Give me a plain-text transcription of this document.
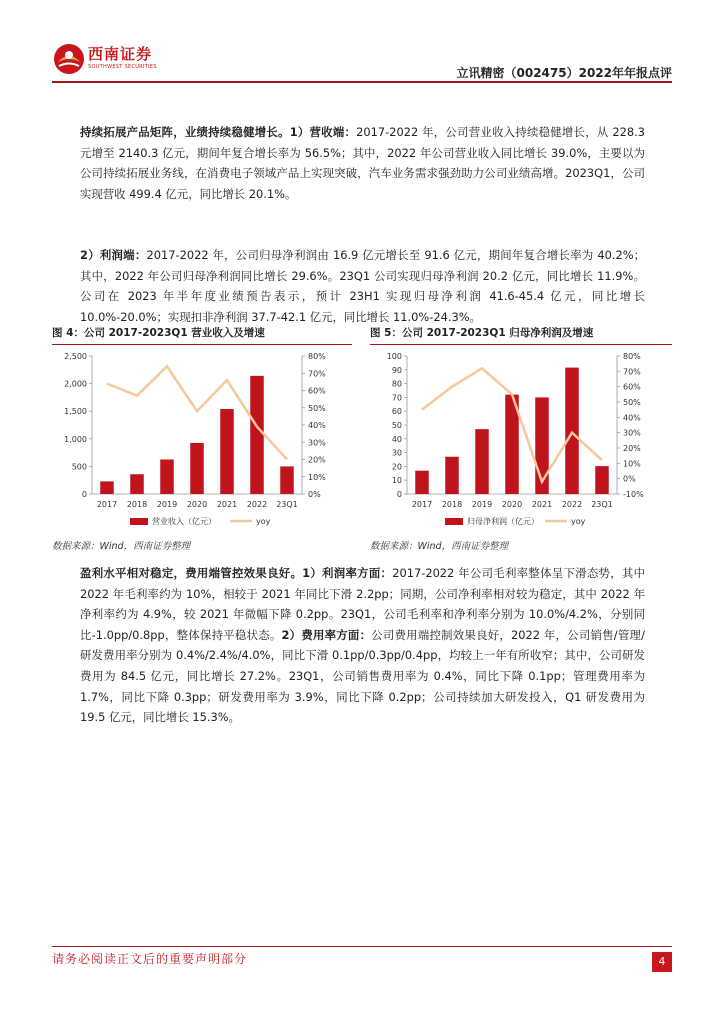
西南证券
SOUTHWEST SECURITIES	立讯精密（002475）2022年年报点评
持续拓展产品矩阵，业绩持续稳健增长。1）营收端：2017-2022 年，公司营业收入持续稳健增长，从 228.3 元增至 2140.3 亿元，期间年复合增长率为 56.5%；其中，2022 年公司营业收入同比增长 39.0%，主要以为公司持续拓展业务线，在消费电子领域产品上实现突破，汽车业务需求强劲助力公司业绩高增。2023Q1，公司实现营收 499.4 亿元，同比增长 20.1%。
2）利润端：2017-2022 年，公司归母净利润由 16.9 亿元增长至 91.6 亿元，期间年复合增长率为 40.2%；其中，2022 年公司归母净利润同比增长 29.6%。23Q1 公司实现归母净利润 20.2 亿元，同比增长 11.9%。公司在 2023 年半年度业绩预告表示，预计 23H1 实现归母净利润 41.6-45.4 亿元，同比增长 10.0%-20.0%；实现扣非净利润 37.7-42.1 亿元，同比增长 11.0%-24.3%。
图 4：公司 2017-2023Q1 营业收入及增速	图 5：公司 2017-2023Q1 归母净利润及增速
0
500
1,000
1,500
2,000
2,500
0%
10%
20%
30%
40%
50%
60%
70%
80%
2017 2018 2019 2020 2021 2022 23Q1
营业收入（亿元）	yoy
0
10
20
30
40
50
60
70
80
90
100
-10%
0%
10%
20%
30%
40%
50%
60%
70%
80%
2017 2018 2019 2020 2021 2022 23Q1
归母净利润（亿元）	yoy
数据来源：Wind，西南证券整理	数据来源：Wind，西南证券整理
盈利水平相对稳定，费用端管控效果良好。1）利润率方面：2017-2022 年公司毛利率整体呈下滑态势，其中 2022 年毛利率约为 10%，相较于 2021 年同比下滑 2.2pp；同期，公司净利率相对较为稳定，其中 2022 年净利率约为 4.9%，较 2021 年微幅下降 0.2pp。23Q1，公司毛利率和净利率分别为 10.0%/4.2%，分别同比-1.0pp/0.8pp，整体保持平稳状态。2）费用率方面：公司费用端控制效果良好，2022 年，公司销售/管理/研发费用率分别为 0.4%/2.4%/4.0%，同比下滑 0.1pp/0.3pp/0.4pp，均较上一年有所收窄；其中，公司研发费用为 84.5 亿元，同比增长 27.2%。23Q1，公司销售费用率为 0.4%，同比下降 0.1pp；管理费用率为 1.7%，同比下降 0.3pp；研发费用率为 3.9%，同比下降 0.2pp；公司持续加大研发投入，Q1 研发费用为 19.5 亿元，同比增长 15.3%。
请务必阅读正文后的重要声明部分	4
